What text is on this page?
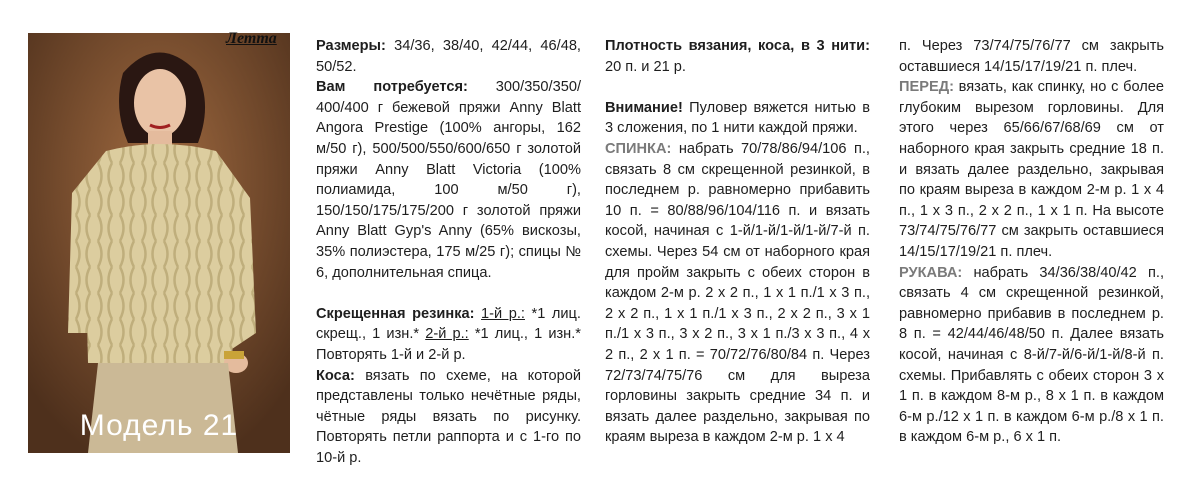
Модель 21
Летта	Размеры: 34/36, 38/40, 42/44, 46/48, 50/52.

Вам потребуется: 300/350/350/ 400/400 г бежевой пряжи Anny Blatt Angora Prestige (100% ангоры, 162 м/50 г), 500/500/550/600/650 г золотой пряжи Anny Blatt Victoria (100% полиамида, 100 м/50 г), 150/150/175/175/200 г золотой пряжи Anny Blatt Gyp's Anny (65% вискозы, 35% полиэстера, 175 м/25 г); спицы № 6, дополнительная спица.

Скрещенная резинка: 1-й р.: *1 лиц. скрещ., 1 изн.* 2-й р.: *1 лиц., 1 изн.* Повторять 1-й и 2-й р.

Коса: вязать по схеме, на которой представлены только нечётные ряды, чётные ряды вязать по рисунку. Повторять петли раппорта и с 1-го по 10-й р.

Плотность вязания, коса, в 3 нити: 20 п. и 21 р.

Внимание! Пуловер вяжется нитью в 3 сложения, по 1 нити каждой пряжи.

СПИНКА: набрать 70/78/86/94/106 п., связать 8 см скрещенной резинкой, в последнем р. равномерно прибавить 10 п. = 80/88/96/104/116 п. и вязать косой, начиная с 1-й/1-й/1-й/1-й/7-й п. схемы. Через 54 см от наборного края для пройм закрыть с обеих сторон в каждом 2-м р. 2 х 2 п., 1 х 1 п./1 х 3 п., 2 х 2 п., 1 х 1 п./1 х 3 п., 2 х 2 п., 3 х 1 п./1 х 3 п., 3 х 2 п., 3 х 1 п./3 х 3 п., 4 х 2 п., 2 х 1 п. = 70/72/76/80/84 п. Через 72/73/74/75/76 см для выреза горловины закрыть средние 34 п. и вязать далее раздельно, закрывая по краям выреза в каждом 2-м р. 1 х 4

п. Через 73/74/75/76/77 см закрыть оставшиеся 14/15/17/19/21 п. плеч.

ПЕРЕД: вязать, как спинку, но с более глубоким вырезом горловины. Для этого через 65/66/67/68/69 см от наборного края закрыть средние 18 п. и вязать далее раздельно, закрывая по краям выреза в каждом 2-м р. 1 х 4 п., 1 х 3 п., 2 х 2 п., 1 х 1 п. На высоте 73/74/75/76/77 см закрыть оставшиеся 14/15/17/19/21 п. плеч.

РУКАВА: набрать 34/36/38/40/42 п., связать 4 см скрещенной резинкой, равномерно прибавив в последнем р. 8 п. = 42/44/46/48/50 п. Далее вязать косой, начиная с 8-й/7-й/6-й/1-й/8-й п. схемы. Прибавлять с обеих сторон 3 х 1 п. в каждом 8-м р., 8 х 1 п. в каждом 6-м р./12 х 1 п. в каждом 6-м р./8 х 1 п. в каждом 6-м р., 6 х 1 п.
